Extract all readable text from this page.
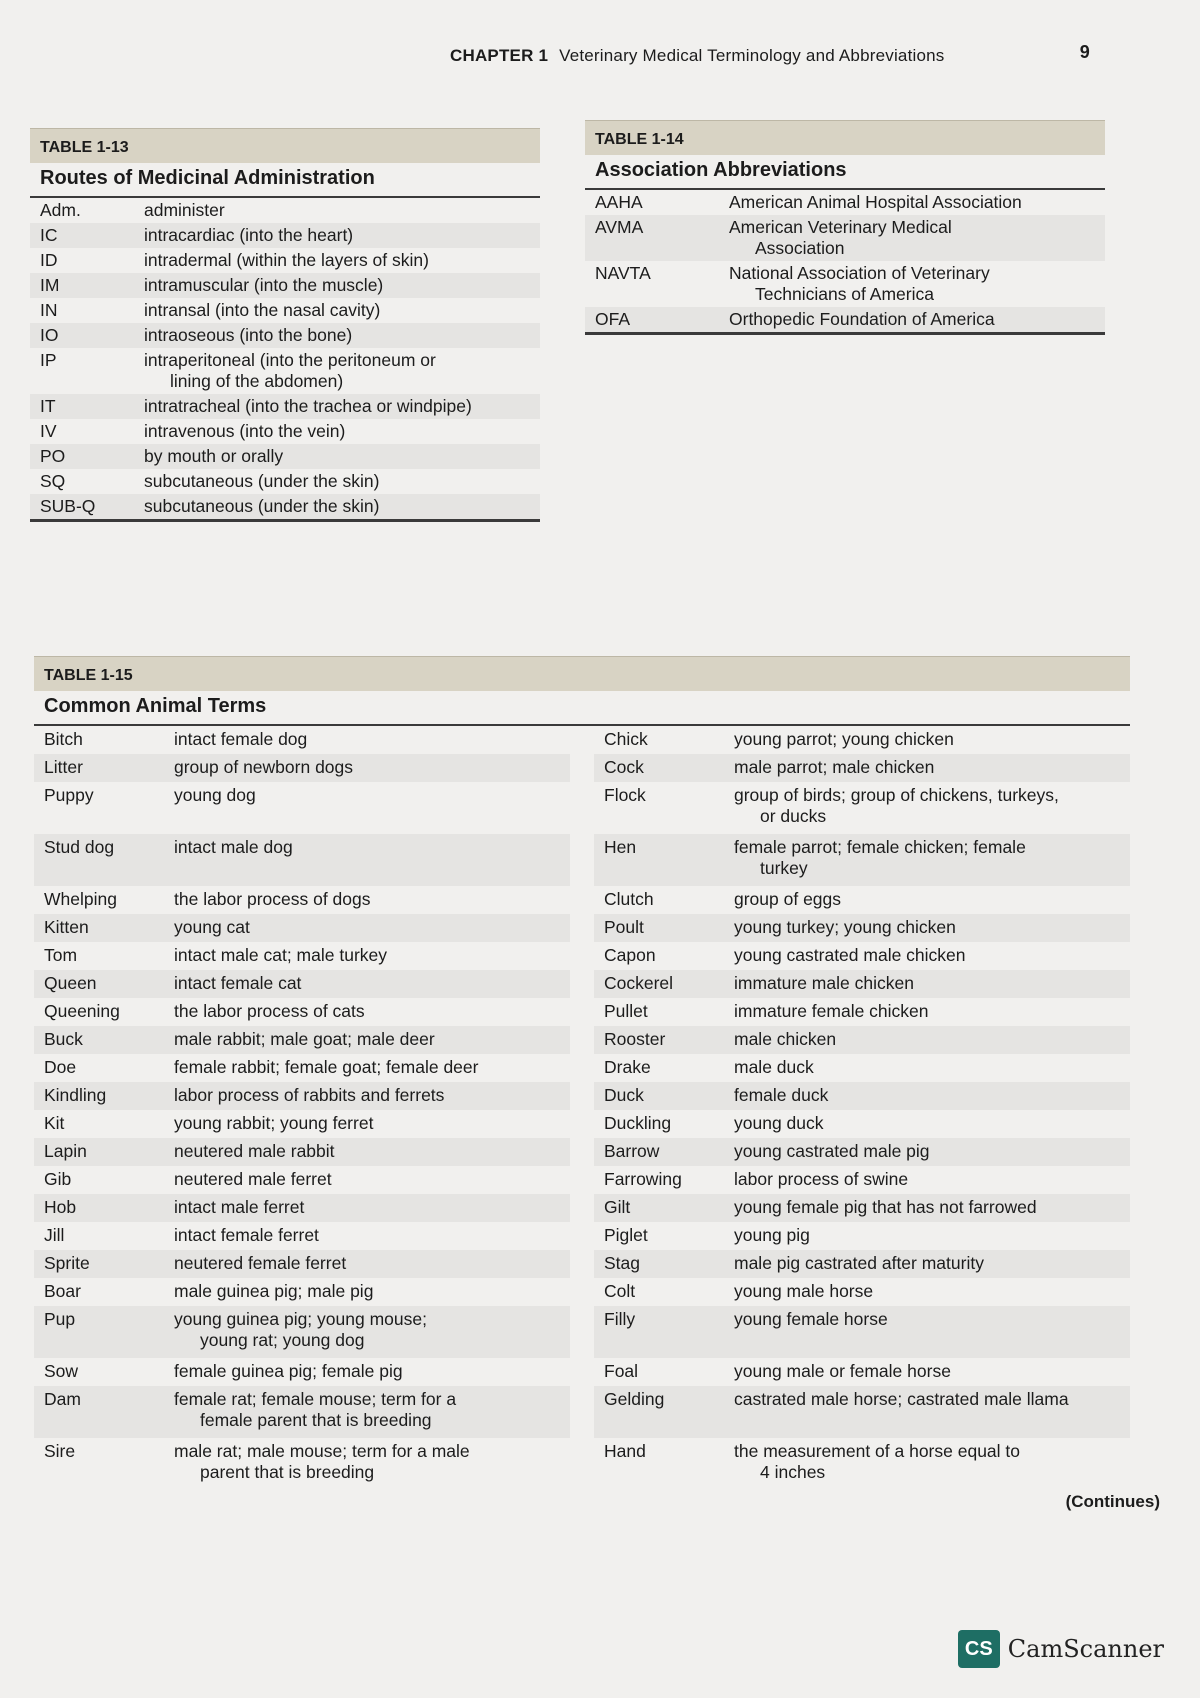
CHAPTER 1 Veterinary Medical Terminology and Abbreviations	9
TABLE 1-13
Routes of Medicinal Administration
Adm.	administer
IC	intracardiac (into the heart)
ID	intradermal (within the layers of skin)
IM	intramuscular (into the muscle)
IN	intransal (into the nasal cavity)
IO	intraoseous (into the bone)
IP	intraperitoneal (into the peritoneum or
lining of the abdomen)
IT	intratracheal (into the trachea or windpipe)
IV	intravenous (into the vein)
PO	by mouth or orally
SQ	subcutaneous (under the skin)
SUB-Q	subcutaneous (under the skin)
TABLE 1-14
Association Abbreviations
AAHA	American Animal Hospital Association
AVMA	American Veterinary Medical
Association
NAVTA	National Association of Veterinary
Technicians of America
OFA	Orthopedic Foundation of America
TABLE 1-15
Common Animal Terms
Bitch	intact female dog
Litter	group of newborn dogs
Puppy	young dog
Stud dog	intact male dog
Whelping	the labor process of dogs
Kitten	young cat
Tom	intact male cat; male turkey
Queen	intact female cat
Queening	the labor process of cats
Buck	male rabbit; male goat; male deer
Doe	female rabbit; female goat; female deer
Kindling	labor process of rabbits and ferrets
Kit	young rabbit; young ferret
Lapin	neutered male rabbit
Gib	neutered male ferret
Hob	intact male ferret
Jill	intact female ferret
Sprite	neutered female ferret
Boar	male guinea pig; male pig
Pup	young guinea pig; young mouse;
young rat; young dog
Sow	female guinea pig; female pig
Dam	female rat; female mouse; term for a
female parent that is breeding
Sire	male rat; male mouse; term for a male
parent that is breeding
Chick	young parrot; young chicken
Cock	male parrot; male chicken
Flock	group of birds; group of chickens, turkeys,
or ducks
Hen	female parrot; female chicken; female
turkey
Clutch	group of eggs
Poult	young turkey; young chicken
Capon	young castrated male chicken
Cockerel	immature male chicken
Pullet	immature female chicken
Rooster	male chicken
Drake	male duck
Duck	female duck
Duckling	young duck
Barrow	young castrated male pig
Farrowing	labor process of swine
Gilt	young female pig that has not farrowed
Piglet	young pig
Stag	male pig castrated after maturity
Colt	young male horse
Filly	young female horse
Foal	young male or female horse
Gelding	castrated male horse; castrated male llama
Hand	the measurement of a horse equal to
4 inches
(Continues)
CS CamScanner
